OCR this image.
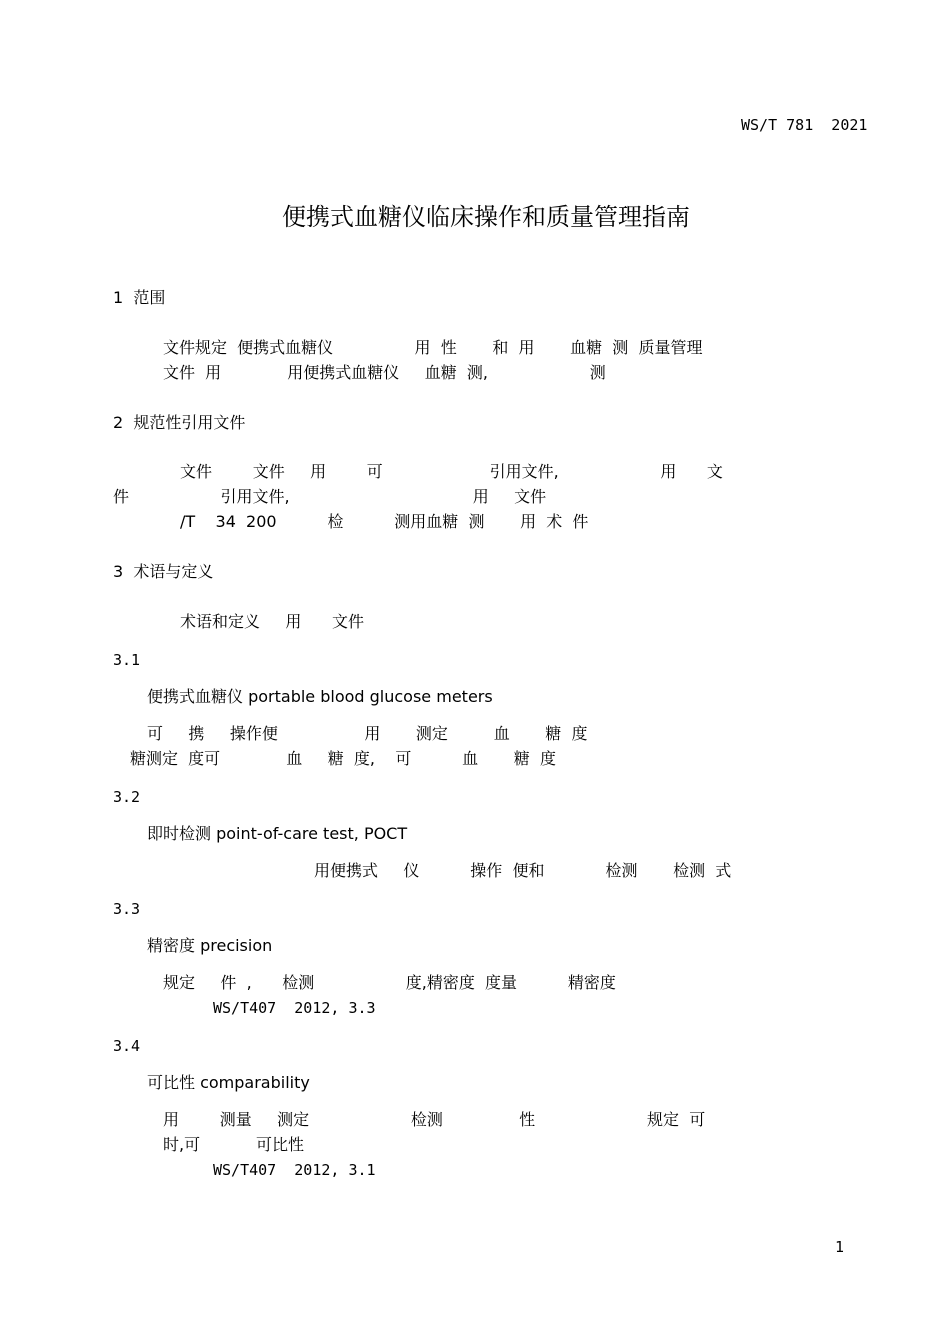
WS/T 781  2021
便携式血糖仪临床操作和质量管理指南
1  范围
文件规定  便携式血糖仪                用  性       和  用       血糖  测  质量管理
文件  用             用便携式血糖仪     血糖  测,                    测
2  规范性引用文件
文件        文件     用        可                     引用文件,                    用      文
件                  引用文件,                                    用     文件
/T    34  200          检          测用血糖  测       用  术  件
3  术语与定义
术语和定义     用      文件
3.1
便携式血糖仪 portable blood glucose meters
可     携     操作便                 用       测定         血       糖  度
糖测定  度可             血     糖  度,    可          血       糖  度
3.2
即时检测 point-of-care test, POCT
用便携式     仪          操作  便和            检测       检测  式
3.3
精密度 precision
规定     件  ,      检测                  度,精密度  度量          精密度
WS/T407  2012, 3.3
3.4
可比性 comparability
用        测量     测定                    检测               性                      规定  可
时,可           可比性
WS/T407  2012, 3.1
1
